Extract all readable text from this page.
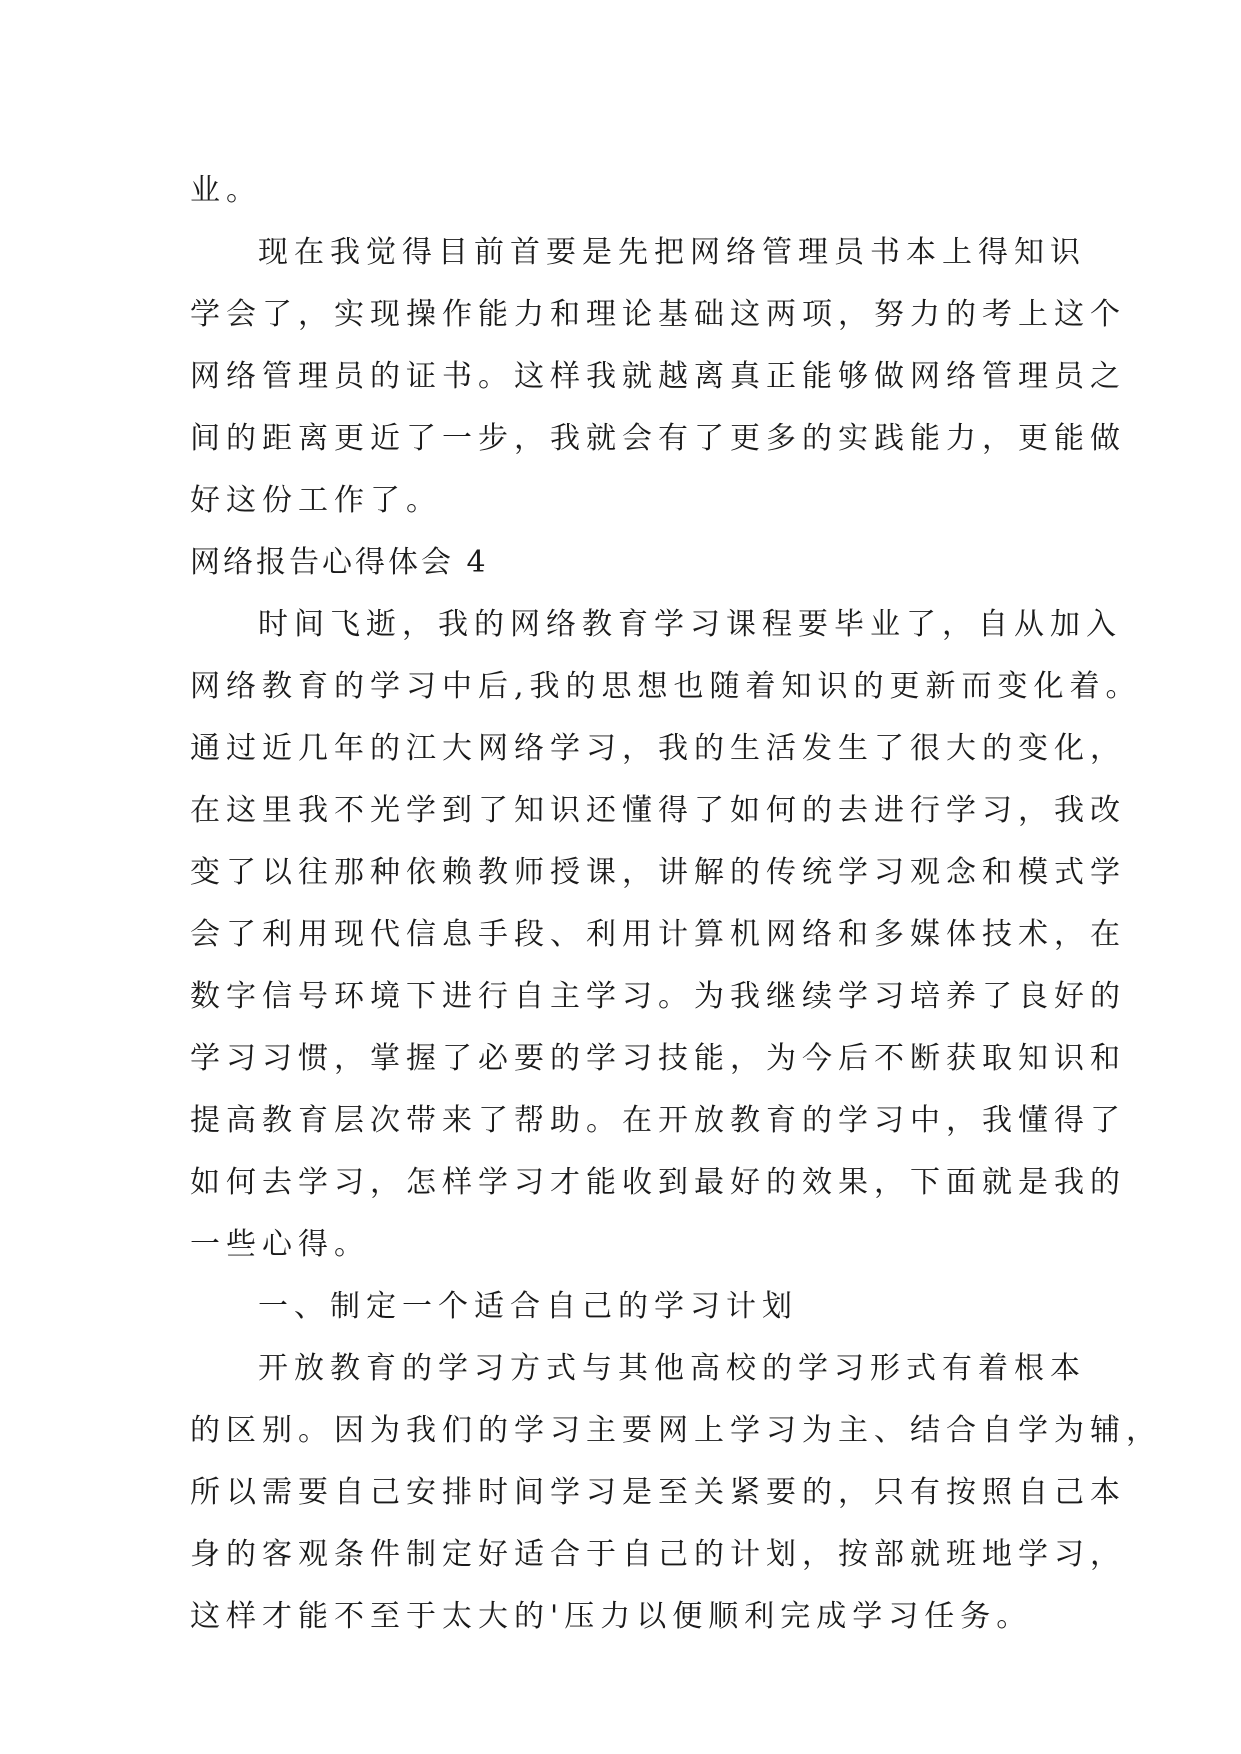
业。
现在我觉得目前首要是先把网络管理员书本上得知识
学会了，实现操作能力和理论基础这两项，努力的考上这个
网络管理员的证书。这样我就越离真正能够做网络管理员之
间的距离更近了一步，我就会有了更多的实践能力，更能做
好这份工作了。
网络报告心得体会 4
时间飞逝，我的网络教育学习课程要毕业了，自从加入
网络教育的学习中后,我的思想也随着知识的更新而变化着。
通过近几年的江大网络学习，我的生活发生了很大的变化，
在这里我不光学到了知识还懂得了如何的去进行学习，我改
变了以往那种依赖教师授课，讲解的传统学习观念和模式学
会了利用现代信息手段、利用计算机网络和多媒体技术，在
数字信号环境下进行自主学习。为我继续学习培养了良好的
学习习惯，掌握了必要的学习技能，为今后不断获取知识和
提高教育层次带来了帮助。在开放教育的学习中，我懂得了
如何去学习，怎样学习才能收到最好的效果，下面就是我的
一些心得。
一、制定一个适合自己的学习计划
开放教育的学习方式与其他高校的学习形式有着根本
的区别。因为我们的学习主要网上学习为主、结合自学为辅，
所以需要自己安排时间学习是至关紧要的，只有按照自己本
身的客观条件制定好适合于自己的计划，按部就班地学习，
这样才能不至于太大的'压力以便顺利完成学习任务。
